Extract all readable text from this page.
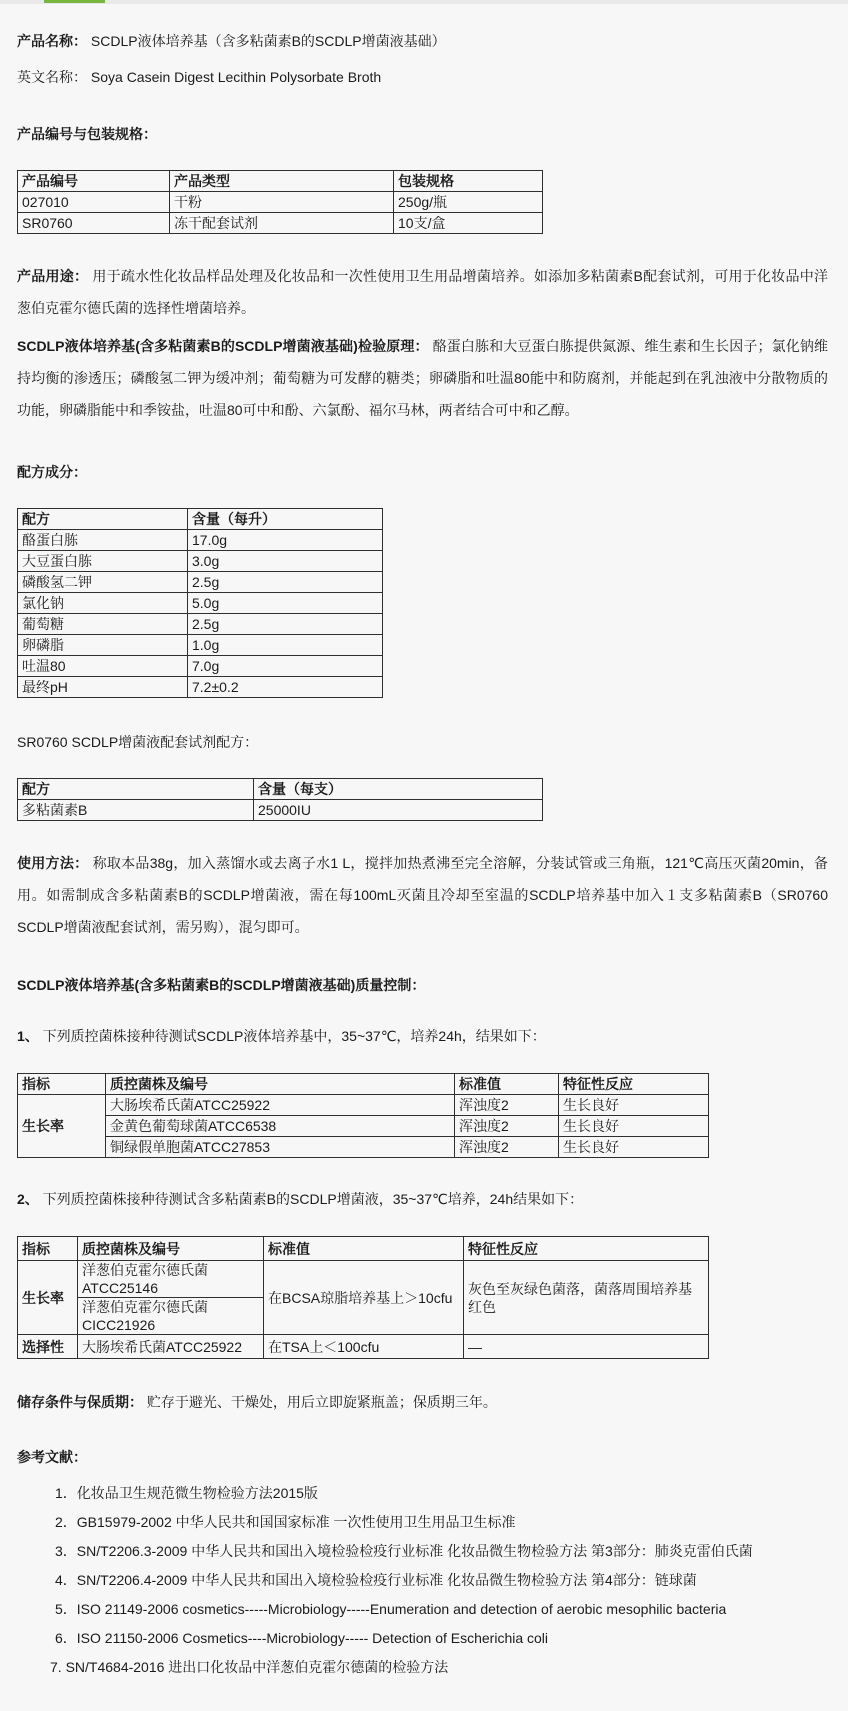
产品名称： SCDLP液体培养基（含多粘菌素B的SCDLP增菌液基础）

英文名称： Soya Casein Digest Lecithin Polysorbate Broth

产品编号与包装规格：

产品编号	产品类型	包装规格
027010	干粉	250g/瓶
SR0760	冻干配套试剂	10支/盒

产品用途： 用于疏水性化妆品样品处理及化妆品和一次性使用卫生用品增菌培养。如添加多粘菌素B配套试剂，可用于化妆品中洋葱伯克霍尔德氏菌的选择性增菌培养。

SCDLP液体培养基(含多粘菌素B的SCDLP增菌液基础)检验原理： 酪蛋白胨和大豆蛋白胨提供氮源、维生素和生长因子；氯化钠维持均衡的渗透压；磷酸氢二钾为缓冲剂；葡萄糖为可发酵的糖类；卵磷脂和吐温80能中和防腐剂，并能起到在乳浊液中分散物质的功能，卵磷脂能中和季铵盐，吐温80可中和酚、六氯酚、福尔马林，两者结合可中和乙醇。

配方成分：

配方	含量（每升）
酪蛋白胨	17.0g
大豆蛋白胨	3.0g
磷酸氢二钾	2.5g
氯化钠	5.0g
葡萄糖	2.5g
卵磷脂	1.0g
吐温80	7.0g
最终pH	7.2±0.2

SR0760 SCDLP增菌液配套试剂配方：

配方	含量（每支）
多粘菌素B	25000IU

使用方法： 称取本品38g，加入蒸馏水或去离子水1 L，搅拌加热煮沸至完全溶解，分装试管或三角瓶，121℃高压灭菌20min，备用。如需制成含多粘菌素B的SCDLP增菌液，需在每100mL灭菌且冷却至室温的SCDLP培养基中加入１支多粘菌素B（SR0760 SCDLP增菌液配套试剂，需另购），混匀即可。

SCDLP液体培养基(含多粘菌素B的SCDLP增菌液基础)质量控制：

1、 下列质控菌株接种待测试SCDLP液体培养基中，35~37℃，培养24h，结果如下：

指标	质控菌株及编号	标准值	特征性反应
生长率	大肠埃希氏菌ATCC25922	浑浊度2	生长良好
	金黄色葡萄球菌ATCC6538	浑浊度2	生长良好
	铜绿假单胞菌ATCC27853	浑浊度2	生长良好

2、 下列质控菌株接种待测试含多粘菌素B的SCDLP增菌液，35~37℃培养，24h结果如下：

指标	质控菌株及编号	标准值	特征性反应
生长率	洋葱伯克霍尔德氏菌ATCC25146	在BCSA琼脂培养基上＞10cfu	灰色至灰绿色菌落，菌落周围培养基红色
	洋葱伯克霍尔德氏菌CICC21926		
选择性	大肠埃希氏菌ATCC25922	在TSA上＜100cfu	—

储存条件与保质期： 贮存于避光、干燥处，用后立即旋紧瓶盖；保质期三年。

参考文献：

1．化妆品卫生规范微生物检验方法2015版
2．GB15979-2002 中华人民共和国国家标准 一次性使用卫生用品卫生标准
3．SN/T2206.3-2009 中华人民共和国出入境检验检疫行业标准 化妆品微生物检验方法 第3部分：肺炎克雷伯氏菌
4．SN/T2206.4-2009 中华人民共和国出入境检验检疫行业标准 化妆品微生物检验方法 第4部分：链球菌
5．ISO 21149-2006 cosmetics-----Microbiology-----Enumeration and detection of aerobic mesophilic bacteria
6．ISO 21150-2006 Cosmetics----Microbiology----- Detection of Escherichia coli
7. SN/T4684-2016 进出口化妆品中洋葱伯克霍尔德菌的检验方法
